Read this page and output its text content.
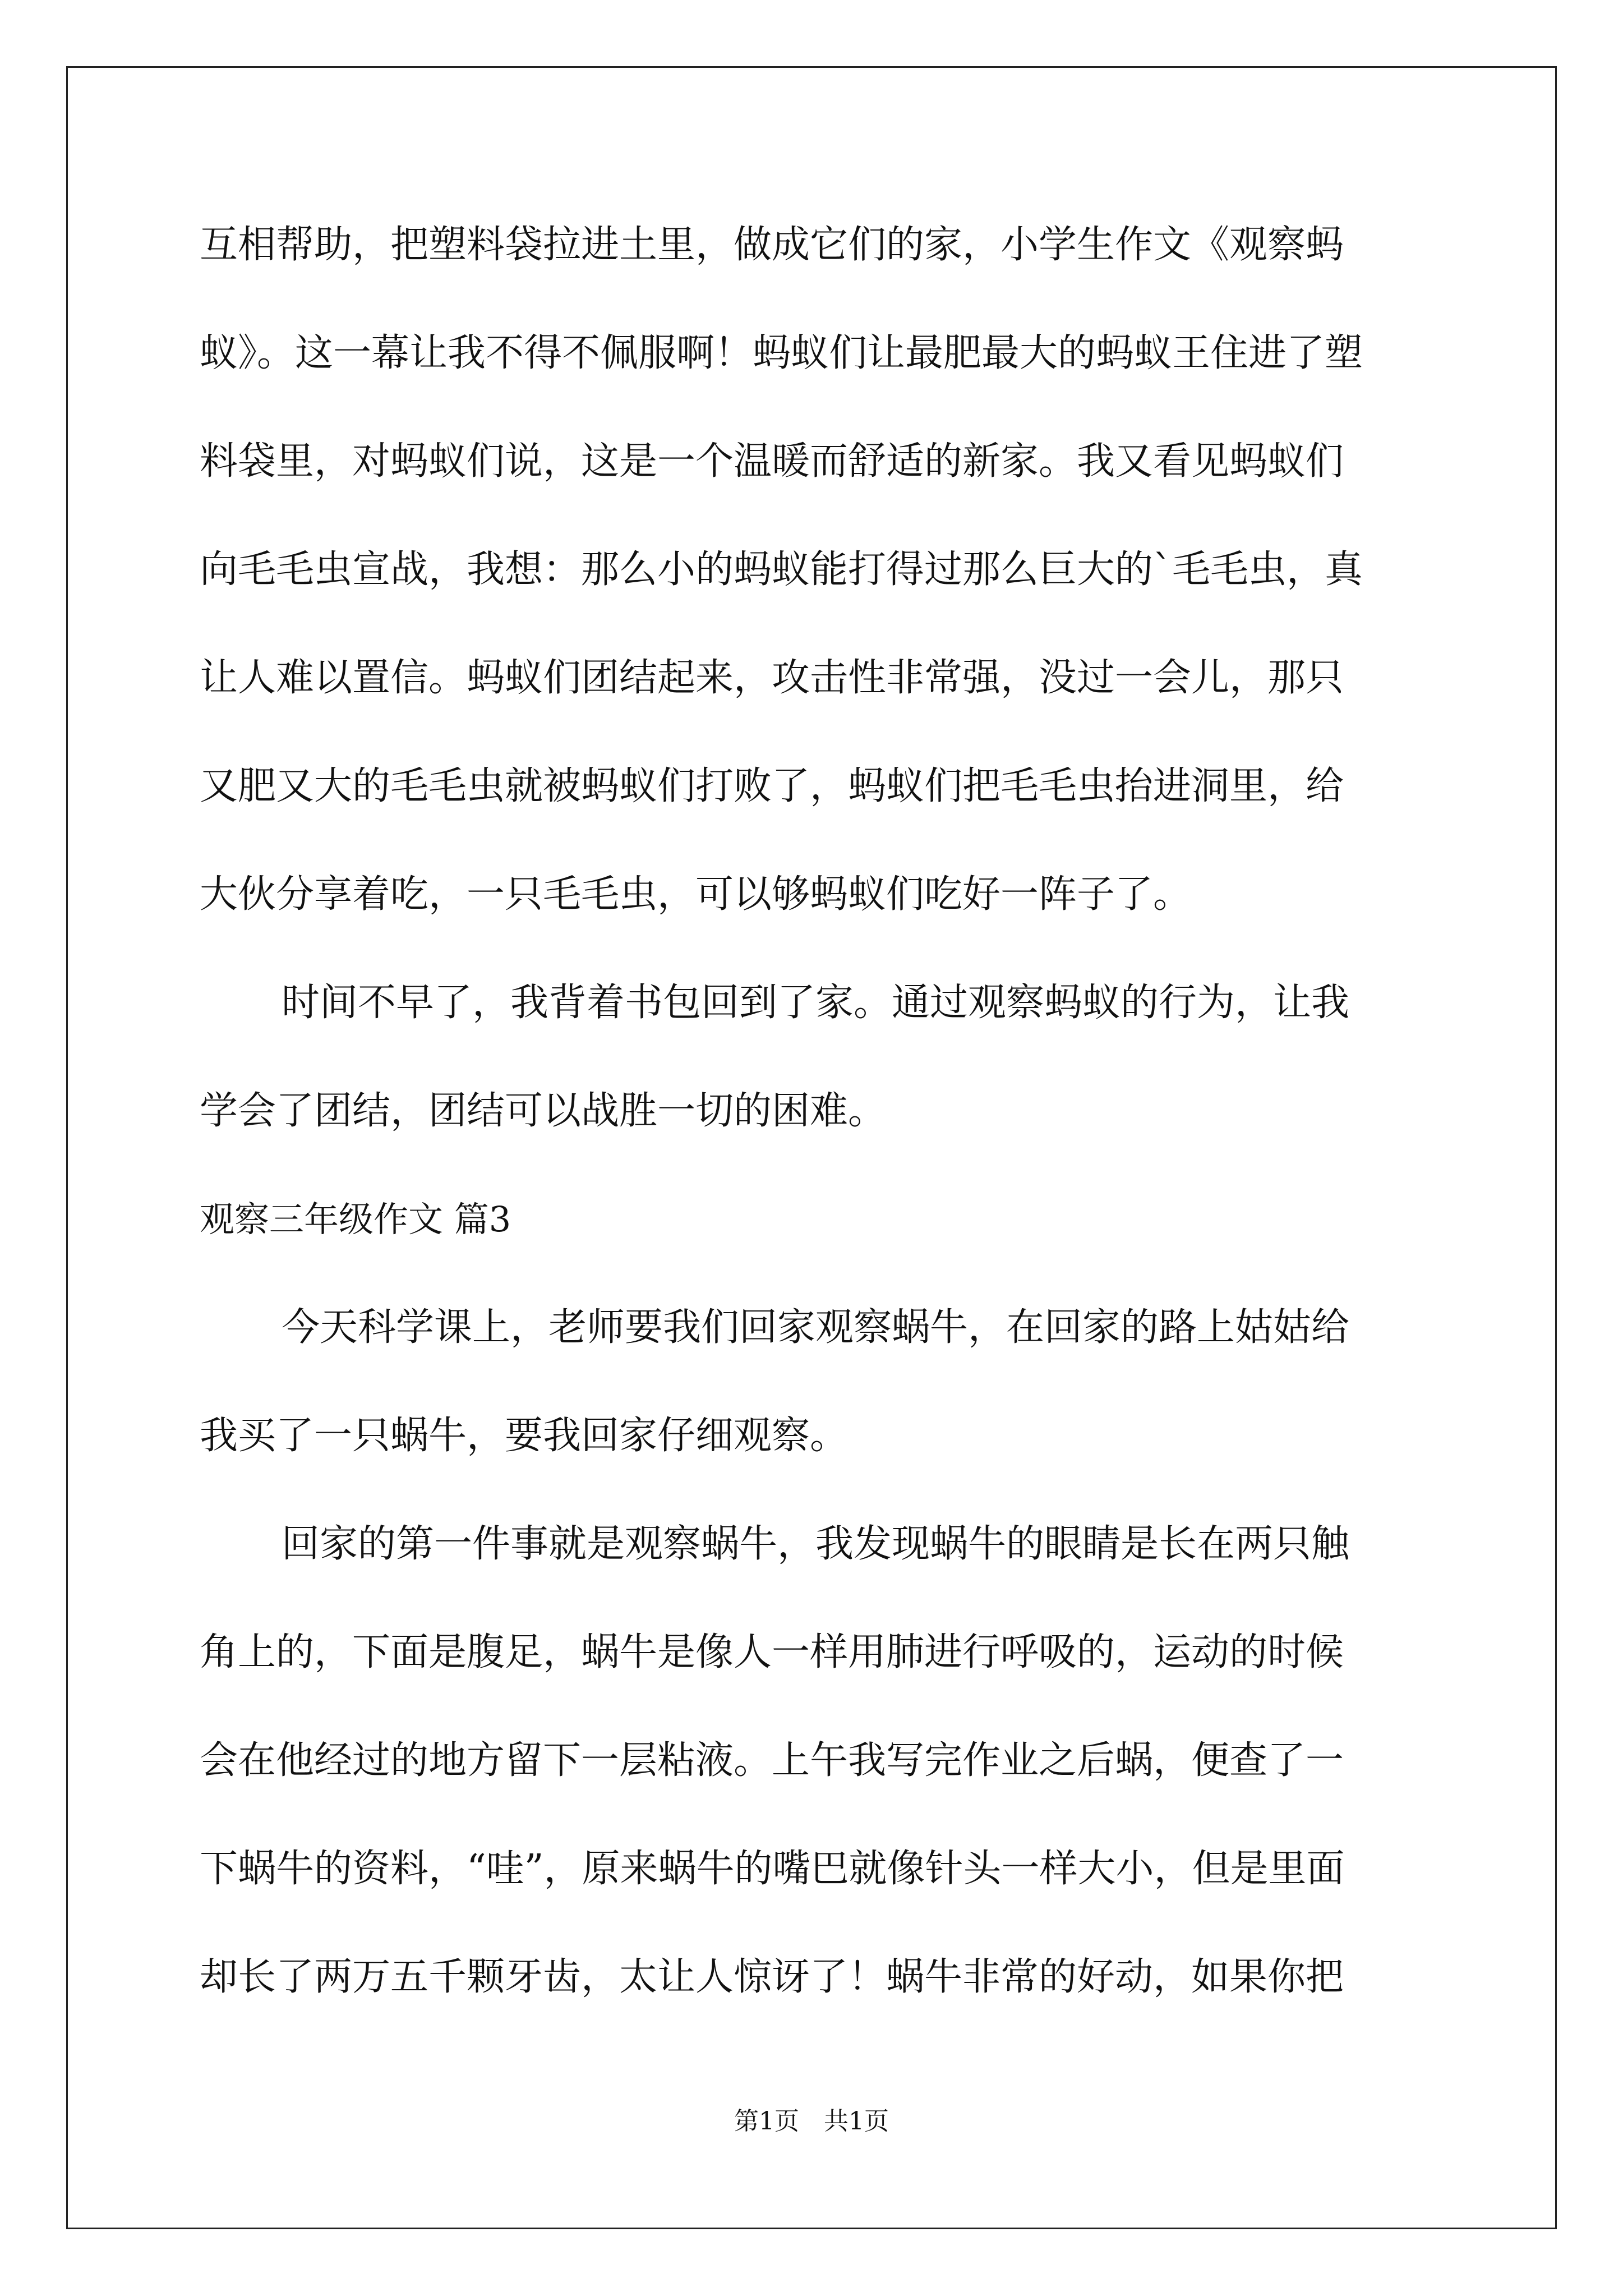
互相帮助，把塑料袋拉进土里，做成它们的家，小学生作文《观察蚂
蚁》。这一幕让我不得不佩服啊！蚂蚁们让最肥最大的蚂蚁王住进了塑
料袋里，对蚂蚁们说，这是一个温暖而舒适的新家。我又看见蚂蚁们
向毛毛虫宣战，我想：那么小的蚂蚁能打得过那么巨大的`毛毛虫，真
让人难以置信。蚂蚁们团结起来，攻击性非常强，没过一会儿，那只
又肥又大的毛毛虫就被蚂蚁们打败了，蚂蚁们把毛毛虫抬进洞里，给
大伙分享着吃，一只毛毛虫，可以够蚂蚁们吃好一阵子了。
时间不早了，我背着书包回到了家。通过观察蚂蚁的行为，让我
学会了团结，团结可以战胜一切的困难。
观察三年级作文 篇3
今天科学课上，老师要我们回家观察蜗牛，在回家的路上姑姑给
我买了一只蜗牛，要我回家仔细观察。
回家的第一件事就是观察蜗牛，我发现蜗牛的眼睛是长在两只触
角上的，下面是腹足，蜗牛是像人一样用肺进行呼吸的，运动的时候
会在他经过的地方留下一层粘液。上午我写完作业之后蜗，便查了一
下蜗牛的资料，“哇”，原来蜗牛的嘴巴就像针头一样大小，但是里面
却长了两万五千颗牙齿，太让人惊讶了！蜗牛非常的好动，如果你把
第1页　共1页
